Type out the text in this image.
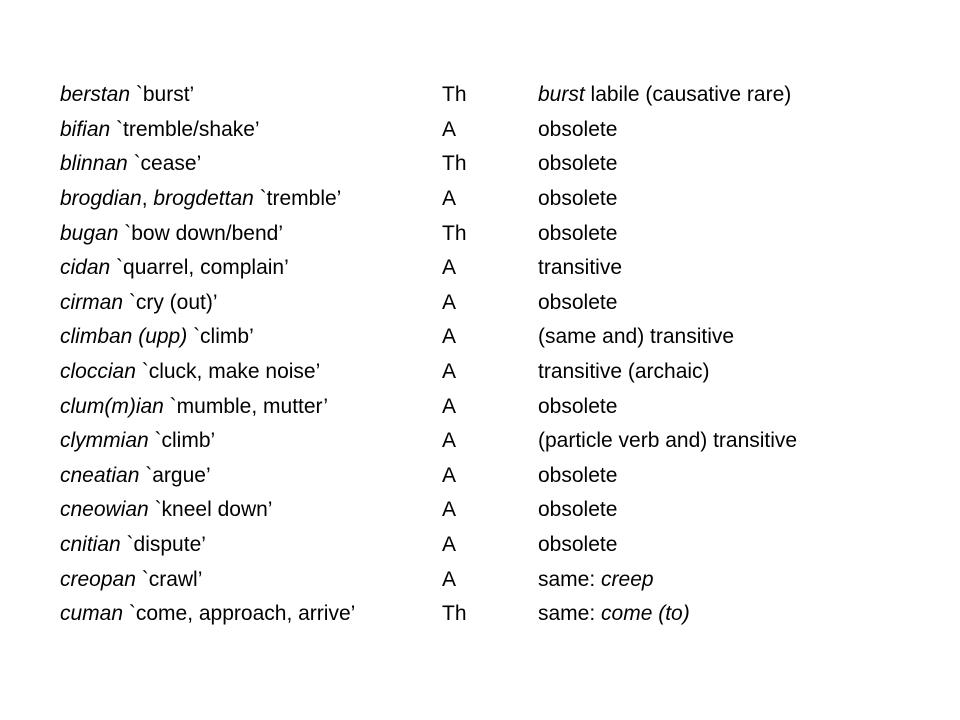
berstan `burst’	Th	burst labile (causative rare)
bifian `tremble/shake’	A	obsolete
blinnan `cease’	Th	obsolete
brogdian, brogdettan `tremble’	A	obsolete
bugan `bow down/bend’	Th	obsolete
cidan `quarrel, complain’	A	transitive
cirman `cry (out)’	A	obsolete
climban (upp) `climb’	A	(same and) transitive
cloccian `cluck, make noise’	A	transitive (archaic)
clum(m)ian `mumble, mutter’	A	obsolete
clymmian `climb’	A	(particle verb and) transitive
cneatian `argue’	A	obsolete
cneowian `kneel down’	A	obsolete
cnitian `dispute’	A	obsolete
creopan `crawl’	A	same: creep
cuman `come, approach, arrive’	Th	same: come (to)
